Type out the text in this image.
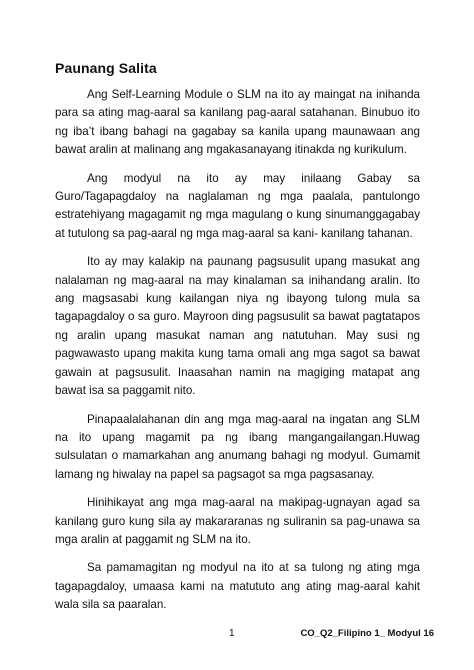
Paunang Salita

Ang Self-Learning Module o SLM na ito ay maingat na inihanda para sa ating mag-aaral sa kanilang pag-aaral satahanan. Binubuo ito ng iba’t ibang bahagi na gagabay sa kanila upang maunawaan ang bawat aralin at malinang ang mgakasanayang itinakda ng kurikulum.

Ang modyul na ito ay may inilaang Gabay sa Guro/Tagapagdaloy na naglalaman ng mga paalala, pantulongo estratehiyang magagamit ng mga magulang o kung sinumanggagabay at tutulong sa pag-aaral ng mga mag-aaral sa kani- kanilang tahanan.

Ito ay may kalakip na paunang pagsusulit upang masukat ang nalalaman ng mag-aaral na may kinalaman sa inihandang aralin. Ito ang magsasabi kung kailangan niya ng ibayong tulong mula sa tagapagdaloy o sa guro. Mayroon ding pagsusulit sa bawat pagtatapos ng aralin upang masukat naman ang natutuhan. May susi ng pagwawasto upang makita kung tama omali ang mga sagot sa bawat gawain at pagsusulit. Inaasahan namin na magiging matapat ang bawat isa sa paggamit nito.

Pinapaalalahanan din ang mga mag-aaral na ingatan ang SLM na ito upang magamit pa ng ibang mangangailangan.Huwag sulsulatan o mamarkahan ang anumang bahagi ng modyul. Gumamit lamang ng hiwalay na papel sa pagsagot sa mga pagsasanay.

Hinihikayat ang mga mag-aaral na makipag-ugnayan agad sa kanilang guro kung sila ay makararanas ng suliranin sa pag-unawa sa mga aralin at paggamit ng SLM na ito.

Sa pamamagitan ng modyul na ito at sa tulong ng ating mga tagapagdaloy, umaasa kami na matututo ang ating mag-aaral kahit wala sila sa paaralan.

1	CO_Q2_Filipino 1_ Modyul 16
